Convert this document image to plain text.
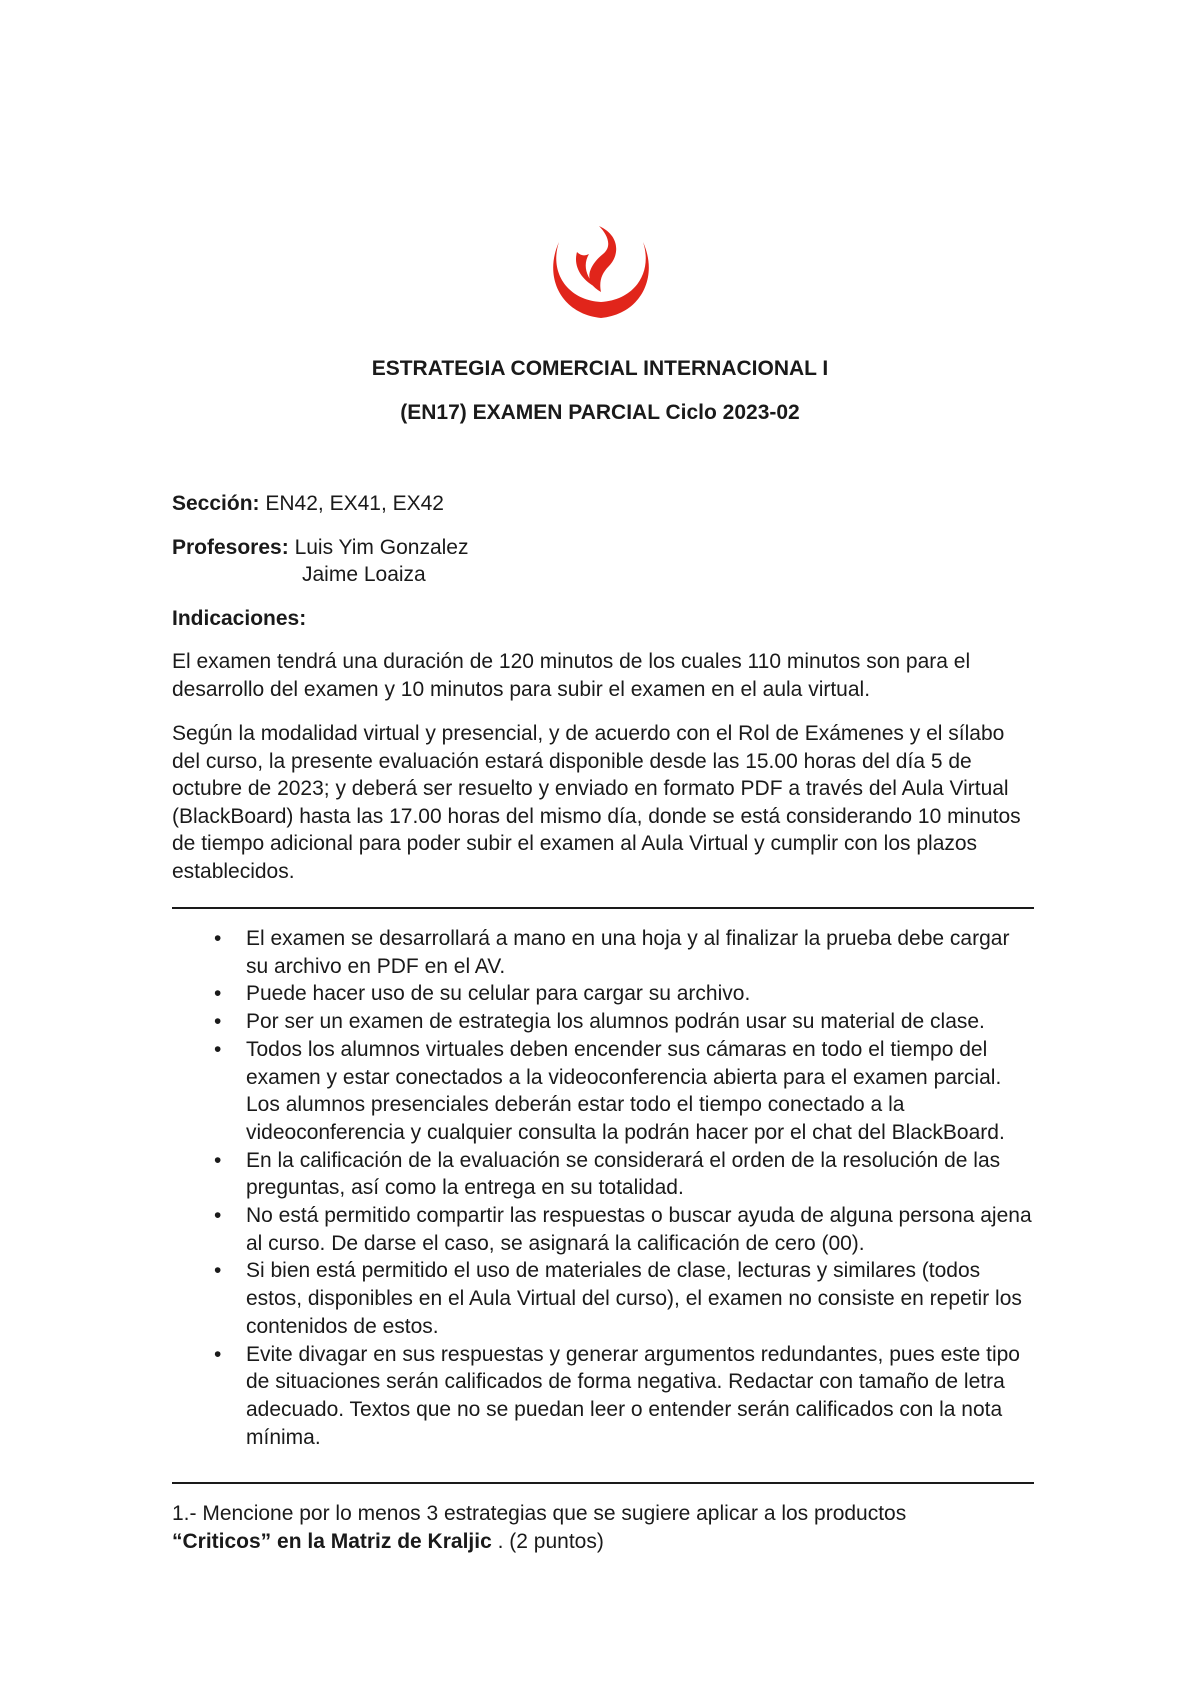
ESTRATEGIA COMERCIAL INTERNACIONAL I
(EN17) EXAMEN PARCIAL Ciclo 2023-02
Sección: EN42, EX41, EX42
Profesores: Luis Yim Gonzalez
Jaime Loaiza
Indicaciones:
El examen tendrá una duración de 120 minutos de los cuales 110 minutos son para el desarrollo del examen y 10 minutos para subir el examen en el aula virtual.
Según la modalidad virtual y presencial, y de acuerdo con el Rol de Exámenes y el sílabo del curso, la presente evaluación estará disponible desde las 15.00 horas del día 5 de octubre de 2023; y deberá ser resuelto y enviado en formato PDF a través del Aula Virtual (BlackBoard) hasta las 17.00 horas del mismo día, donde se está considerando 10 minutos de tiempo adicional para poder subir el examen al Aula Virtual y cumplir con los plazos establecidos.
• El examen se desarrollará a mano en una hoja y al finalizar la prueba debe cargar su archivo en PDF en el AV.
• Puede hacer uso de su celular para cargar su archivo.
• Por ser un examen de estrategia los alumnos podrán usar su material de clase.
• Todos los alumnos virtuales deben encender sus cámaras en todo el tiempo del examen y estar conectados a la videoconferencia abierta para el examen parcial. Los alumnos presenciales deberán estar todo el tiempo conectado a la videoconferencia y cualquier consulta la podrán hacer por el chat del BlackBoard.
• En la calificación de la evaluación se considerará el orden de la resolución de las preguntas, así como la entrega en su totalidad.
• No está permitido compartir las respuestas o buscar ayuda de alguna persona ajena al curso. De darse el caso, se asignará la calificación de cero (00).
• Si bien está permitido el uso de materiales de clase, lecturas y similares (todos estos, disponibles en el Aula Virtual del curso), el examen no consiste en repetir los contenidos de estos.
• Evite divagar en sus respuestas y generar argumentos redundantes, pues este tipo de situaciones serán calificados de forma negativa. Redactar con tamaño de letra adecuado. Textos que no se puedan leer o entender serán calificados con la nota mínima.
1.- Mencione por lo menos 3 estrategias que se sugiere aplicar a los productos
“Criticos” en la Matriz de Kraljic . (2 puntos)
